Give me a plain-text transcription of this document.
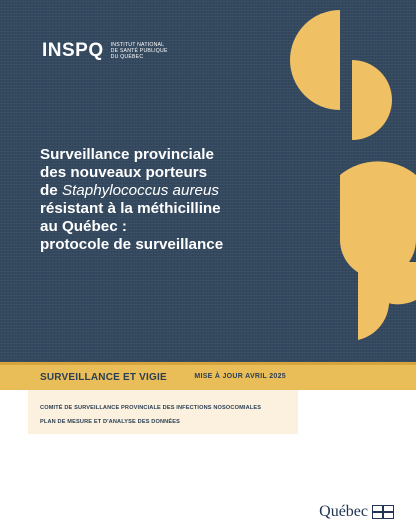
INSPQ INSTITUT NATIONAL
DE SANTÉ PUBLIQUE
DU QUÉBEC
Surveillance provinciale
des nouveaux porteurs
de Staphylococcus aureus
résistant à la méthicilline
au Québec :
protocole de surveillance
SURVEILLANCE ET VIGIE	MISE À JOUR AVRIL 2025
COMITÉ DE SURVEILLANCE PROVINCIALE DES INFECTIONS NOSOCOMIALES
PLAN DE MESURE ET D'ANALYSE DES DONNÉES
Québec
